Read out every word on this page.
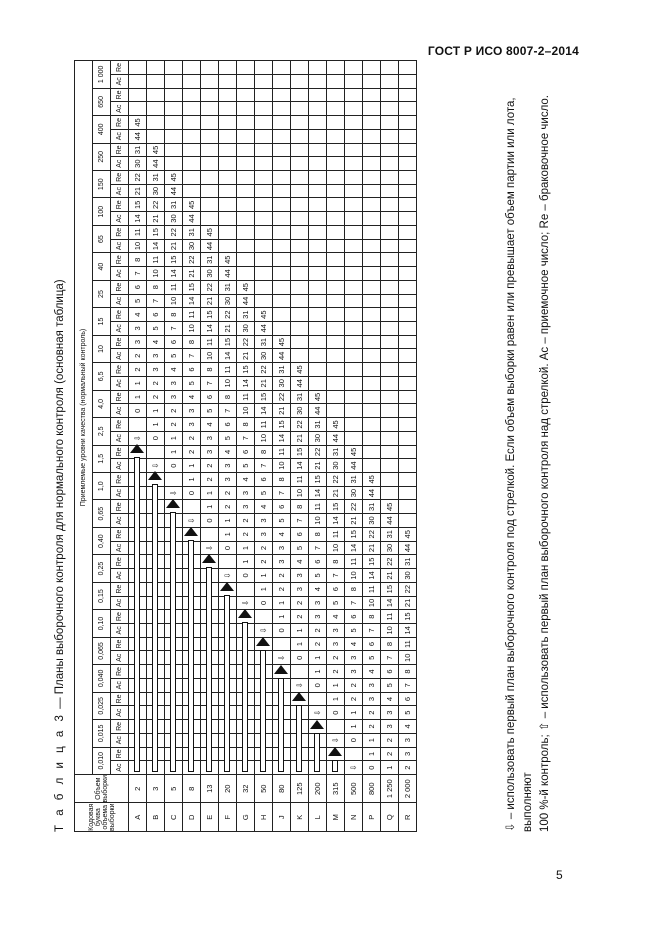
ГОСТ Р ИСО 8007-2–2014
Т а б л и ц а 3 — Планы выборочного контроля для нормального контроля (основная таблица)
Кодовая буква объема выборки	Объем выборки	Приемлемые уровни качества (нормальный контроль)																																																			
		0,010		0,015		0,025		0,040		0,065		0,10		0,15		0,25		0,40		0,65		1,0		1,5		2,5		4,0		6,5		10		15		25		40		65		100		150		250		400		650		1 000	
		Ac	Re	Ac	Re	Ac	Re	Ac	Re	Ac	Re	Ac	Re	Ac	Re	Ac	Re	Ac	Re	Ac	Re	Ac	Re	Ac	Re	Ac	Re	Ac	Re	Ac	Re	Ac	Re	Ac	Re	Ac	Re	Ac	Re	Ac	Re	Ac	Re	Ac	Re	Ac	Re	Ac	Re	Ac	Re	Ac	Re
A	2																									⇩		0	1	1	2	2	3	3	4	5	6	7	8	10	11	14	15	21	22	30	31	44	45				
B	3																							⇩		0	1	1	2	2	3	3	4	5	6	7	8	10	11	14	15	21	22	30	31	44	45						
C	5																					⇩		0	1	1	2	2	3	3	4	5	6	7	8	10	11	14	15	21	22	30	31	44	45								
D	8																			⇩		0	1	1	2	2	3	3	4	5	6	7	8	10	11	14	15	21	22	30	31	44	45										
E	13																	⇩		0	1	1	2	2	3	3	4	5	6	7	8	10	11	14	15	21	22	30	31	44	45												
F	20															⇩		0	1	1	2	2	3	3	4	5	6	7	8	10	11	14	15	21	22	30	31	44	45														
G	32													⇩		0	1	1	2	2	3	3	4	5	6	7	8	10	11	14	15	21	22	30	31	44	45																
H	50											⇩		0	1	1	2	2	3	3	4	5	6	7	8	10	11	14	15	21	22	30	31	44	45																		
J	80									⇩		0	1	1	2	2	3	3	4	5	6	7	8	10	11	14	15	21	22	30	31	44	45																				
K	125							⇩		0	1	1	2	2	3	3	4	5	6	7	8	10	11	14	15	21	22	30	31	44	45																						
L	200					⇩		0	1	1	2	2	3	3	4	5	6	7	8	10	11	14	15	21	22	30	31	44	45																								
M	315			⇩		0	1	1	2	2	3	3	4	5	6	7	8	10	11	14	15	21	22	30	31	44	45																										
N	500	⇩		0	1	1	2	2	3	3	4	5	6	7	8	10	11	14	15	21	22	30	31	44	45																												
P	800	0	1	1	2	2	3	3	4	5	6	7	8	10	11	14	15	21	22	30	31	44	45																														
Q	1 250	1	2	2	3	3	4	5	6	7	8	10	11	14	15	21	22	30	31	44	45																																
R	2 000	2	3	3	4	5	6	7	8	10	11	14	15	21	22	30	31	44	45																																			⇩ – использовать первый план выборочного контроля под стрелкой. Если объем выборки равен или превышает объем партии или лота, выполняют 100 %-й контроль; ⇧ – использовать первый план выборочного контроля над стрелкой. Ac – приемочное число; Re – браковочное число.
5
